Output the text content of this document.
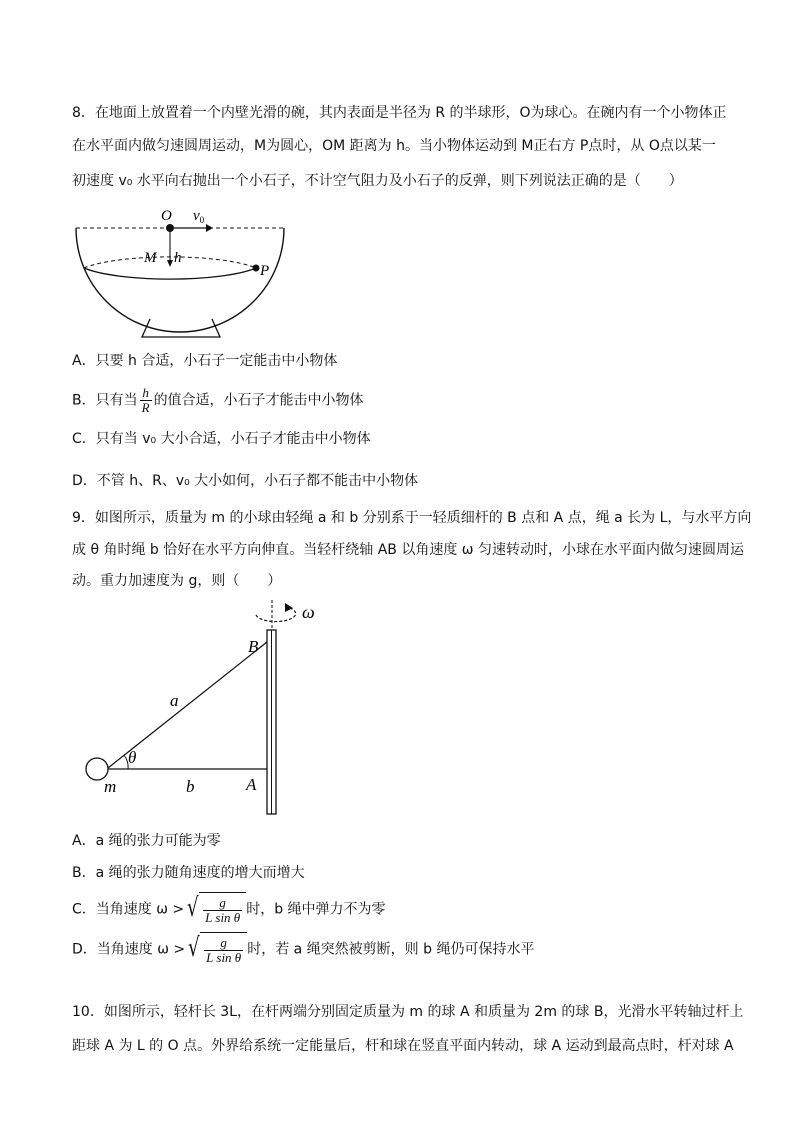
8．在地面上放置着一个内壁光滑的碗，其内表面是半径为 R 的半球形，O为球心。在碗内有一个小物体正
在水平面内做匀速圆周运动，M为圆心，OM 距离为 h。当小物体运动到 M正右方 P点时，从 O点以某一
初速度 v₀ 水平向右抛出一个小石子，不计空气阻力及小石子的反弹，则下列说法正确的是（　　）
O $v_0$
M h
P
A．只要 h 合适，小石子一定能击中小物体
B．只有当 $\frac{h}{R}$ 的值合适，小石子才能击中小物体
C．只有当 v₀ 大小合适，小石子才能击中小物体
D．不管 h、R、v₀ 大小如何，小石子都不能击中小物体
9．如图所示，质量为 m 的小球由轻绳 a 和 b 分别系于一轻质细杆的 B 点和 A 点，绳 a 长为 L，与水平方向
成 θ 角时绳 b 恰好在水平方向伸直。当轻杆绕轴 AB 以角速度 ω 匀速转动时，小球在水平面内做匀速圆周运
动。重力加速度为 g，则（　　）
ω
B
a
θ
m	b	A
A．a 绳的张力可能为零
B．a 绳的张力随角速度的增大而增大
C．当角速度 ω > √ $\frac{g}{\text{L sin θ}}$ 时，b 绳中弹力不为零
D．当角速度 ω > √ $\frac{g}{\text{L sin θ}}$ 时，若 a 绳突然被剪断，则 b 绳仍可保持水平
10．如图所示，轻杆长 3L，在杆两端分别固定质量为 m 的球 A 和质量为 2m 的球 B，光滑水平转轴过杆上
距球 A 为 L 的 O 点。外界给系统一定能量后，杆和球在竖直平面内转动，球 A 运动到最高点时，杆对球 A
